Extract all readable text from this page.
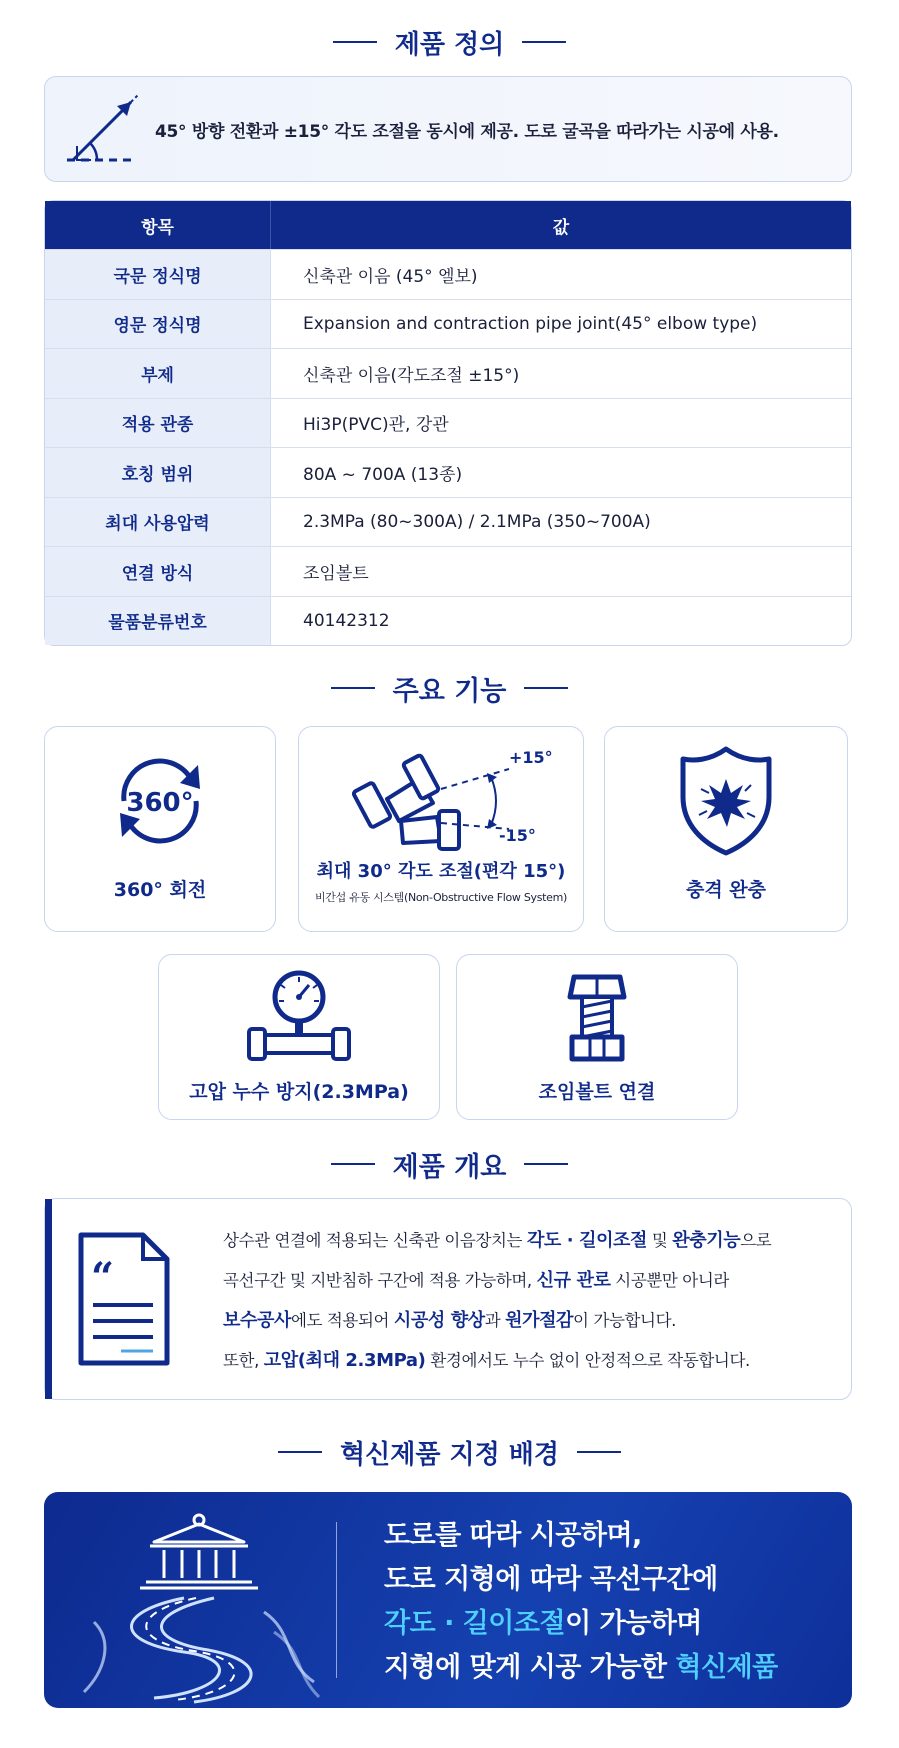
제품 정의
45° 방향 전환과 ±15° 각도 조절을 동시에 제공. 도로 굴곡을 따라가는 시공에 사용.
항목	값
국문 정식명	신축관 이음 (45° 엘보)
영문 정식명	Expansion and contraction pipe joint(45° elbow type)
부제	신축관 이음(각도조절 ±15°)
적용 관종	Hi3P(PVC)관, 강관
호칭 범위	80A ~ 700A (13종)
최대 사용압력	2.3MPa (80~300A) / 2.1MPa (350~700A)
연결 방식	조임볼트
물품분류번호	40142312
주요 기능
360°
360° 회전
+15°
-15°
최대 30° 각도 조절(편각 15°)
비간섭 유동 시스템(Non-Obstructive Flow System)	충격 완충
고압 누수 방지(2.3MPa)	조임볼트 연결
제품 개요
“
상수관 연결에 적용되는 신축관 이음장치는 각도 · 길이조절 및 완충기능으로
곡선구간 및 지반침하 구간에 적용 가능하며, 신규 관로 시공뿐만 아니라
보수공사에도 적용되어 시공성 향상과 원가절감이 가능합니다.
또한, 고압(최대 2.3MPa) 환경에서도 누수 없이 안정적으로 작동합니다.
혁신제품 지정 배경
도로를 따라 시공하며,
도로 지형에 따라 곡선구간에
각도 · 길이조절이 가능하며
지형에 맞게 시공 가능한 혁신제품
